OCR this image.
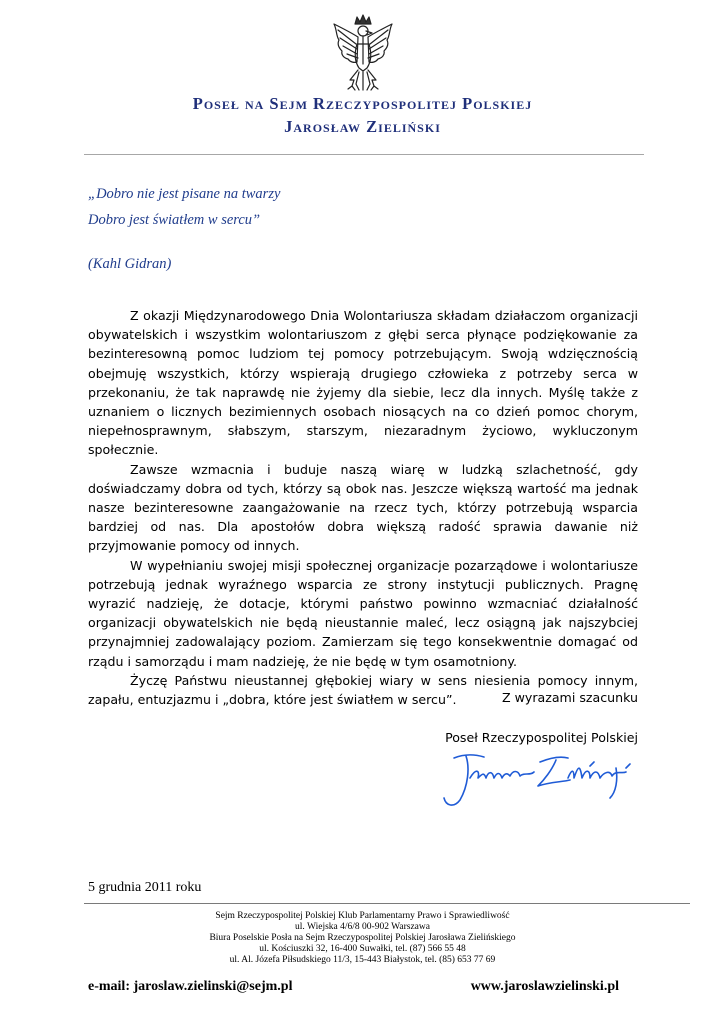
Poseł na Sejm Rzeczypospolitej Polskiej
Jarosław Zieliński
„Dobro nie jest pisane na twarzy
Dobro jest światłem w sercu”
(Kahl Gidran)

Z okazji Międzynarodowego Dnia Wolontariusza składam działaczom organizacji obywatelskich i wszystkim wolontariuszom z głębi serca płynące podziękowanie za bezinteresowną pomoc ludziom tej pomocy potrzebującym. Swoją wdzięcznością obejmuję wszystkich, którzy wspierają drugiego człowieka z potrzeby serca w przekonaniu, że tak naprawdę nie żyjemy dla siebie, lecz dla innych. Myślę także z uznaniem o licznych bezimiennych osobach niosących na co dzień pomoc chorym, niepełnosprawnym, słabszym, starszym, niezaradnym życiowo, wykluczonym społecznie.

Zawsze wzmacnia i buduje naszą wiarę w ludzką szlachetność, gdy doświadczamy dobra od tych, którzy są obok nas. Jeszcze większą wartość ma jednak nasze bezinteresowne zaangażowanie na rzecz tych, którzy potrzebują wsparcia bardziej od nas. Dla apostołów dobra większą radość sprawia dawanie niż przyjmowanie pomocy od innych.

W wypełnianiu swojej misji społecznej organizacje pozarządowe i wolontariusze potrzebują jednak wyraźnego wsparcia ze strony instytucji publicznych. Pragnę wyrazić nadzieję, że dotacje, którymi państwo powinno wzmacniać działalność organizacji obywatelskich nie będą nieustannie maleć, lecz osiągną jak najszybciej przynajmniej zadowalający poziom. Zamierzam się tego konsekwentnie domagać od rządu i samorządu i mam nadzieję, że nie będę w tym osamotniony.

Życzę Państwu nieustannej głębokiej wiary w sens niesienia pomocy innym, zapału, entuzjazmu i „dobra, które jest światłem w sercu”.	Z wyrazami szacunku
Poseł Rzeczypospolitej Polskiej
5 grudnia 2011 roku
Sejm Rzeczypospolitej Polskiej Klub Parlamentarny Prawo i Sprawiedliwość
ul. Wiejska 4/6/8 00-902 Warszawa
Biura Poselskie Posła na Sejm Rzeczypospolitej Polskiej Jarosława Zielińskiego
ul. Kościuszki 32, 16-400 Suwałki, tel. (87) 566 55 48
ul. Al. Józefa Piłsudskiego 11/3, 15-443 Białystok, tel. (85) 653 77 69
e-mail: jaroslaw.zielinski@sejm.pl	www.jaroslawzielinski.pl
